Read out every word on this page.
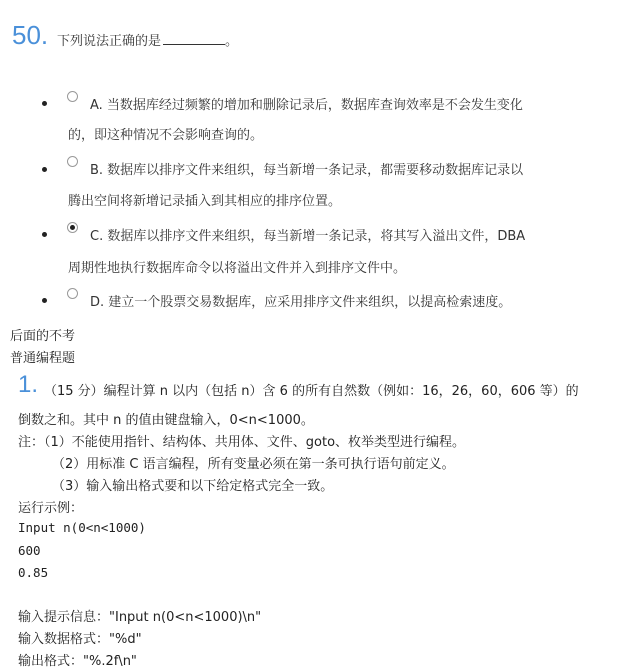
50. 下列说法正确的是	。
A. 当数据库经过频繁的增加和删除记录后，数据库查询效率是不会发生变化
的，即这种情况不会影响查询的。
B. 数据库以排序文件来组织，每当新增一条记录，都需要移动数据库记录以
腾出空间将新增记录插入到其相应的排序位置。
C. 数据库以排序文件来组织，每当新增一条记录，将其写入溢出文件，DBA
周期性地执行数据库命令以将溢出文件并入到排序文件中。
D. 建立一个股票交易数据库，应采用排序文件来组织，以提高检索速度。
后面的不考
普通编程题
1. （15 分）编程计算 n 以内（包括 n）含 6 的所有自然数（例如：16，26，60，606 等）的
倒数之和。其中 n 的值由键盘输入，0<n<1000。
注：（1）不能使用指针、结构体、共用体、文件、goto、枚举类型进行编程。
（2）用标准 C 语言编程，所有变量必须在第一条可执行语句前定义。
（3）输入输出格式要和以下给定格式完全一致。
运行示例：
Input n(0<n<1000)
600
0.85
输入提示信息："Input n(0<n<1000)\n"
输入数据格式："%d"
输出格式："%.2f\n"
